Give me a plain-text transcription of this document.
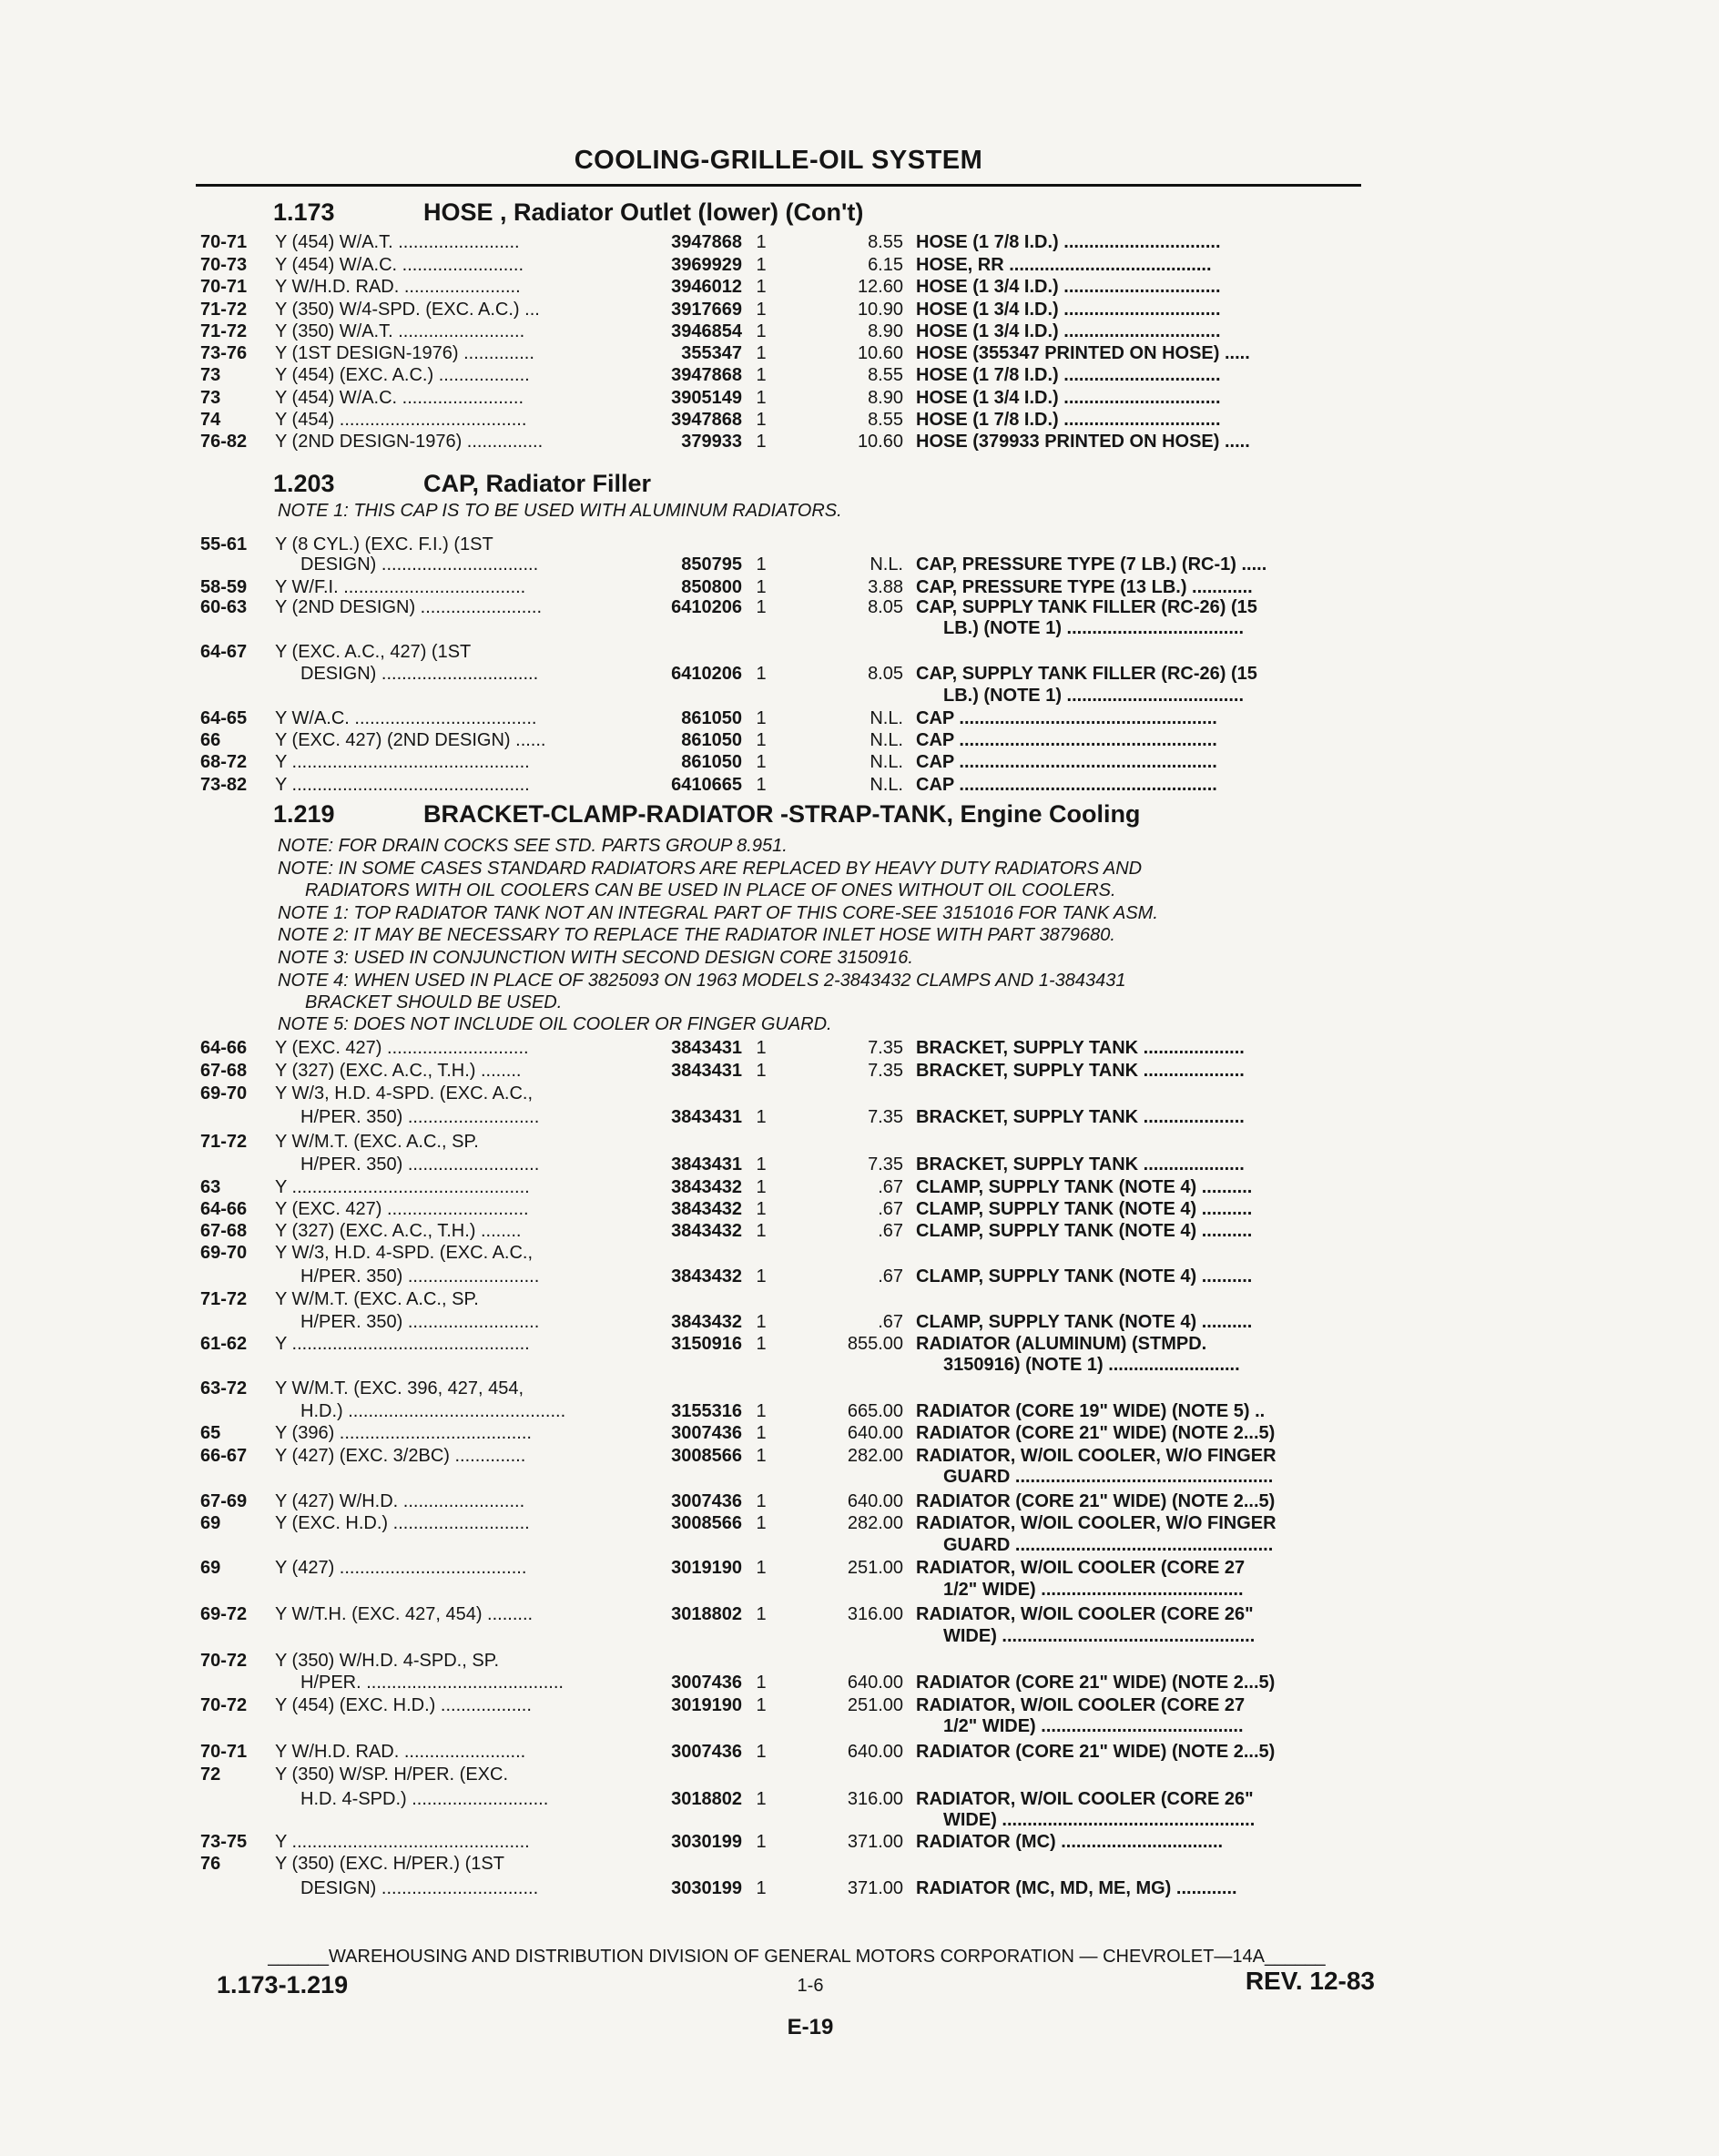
COOLING-GRILLE-OIL SYSTEM
1.173	HOSE , Radiator Outlet (lower) (Con't)
70-71	Y (454) W/A.T. ........................	3947868 1	8.55 HOSE (1 7/8 I.D.) ...............................
70-73	Y (454) W/A.C. ........................	3969929 1	6.15 HOSE, RR ........................................
70-71	Y W/H.D. RAD. .......................	3946012 1	12.60 HOSE (1 3/4 I.D.) ...............................
71-72	Y (350) W/4-SPD. (EXC. A.C.) ...	3917669 1	10.90 HOSE (1 3/4 I.D.) ...............................
71-72	Y (350) W/A.T. .........................	3946854 1	8.90 HOSE (1 3/4 I.D.) ...............................
73-76	Y (1ST DESIGN-1976) ..............	355347 1	10.60 HOSE (355347 PRINTED ON HOSE) .....
73	Y (454) (EXC. A.C.) ..................	3947868 1	8.55 HOSE (1 7/8 I.D.) ...............................
73	Y (454) W/A.C. ........................	3905149 1	8.90 HOSE (1 3/4 I.D.) ...............................
74	Y (454) .....................................	3947868 1	8.55 HOSE (1 7/8 I.D.) ...............................
76-82	Y (2ND DESIGN-1976) ...............	379933 1	10.60 HOSE (379933 PRINTED ON HOSE) .....
1.203	CAP, Radiator Filler
NOTE 1: THIS CAP IS TO BE USED WITH ALUMINUM RADIATORS.
55-61	Y (8 CYL.) (EXC. F.I.) (1ST
DESIGN) ...............................	850795 1	N.L. CAP, PRESSURE TYPE (7 LB.) (RC-1) .....
58-59	Y W/F.I. ....................................	850800 1	3.88 CAP, PRESSURE TYPE (13 LB.) ............
60-63	Y (2ND DESIGN) ........................	6410206 1	8.05 CAP, SUPPLY TANK FILLER (RC-26) (15
LB.) (NOTE 1) ...................................
64-67	Y (EXC. A.C., 427) (1ST
DESIGN) ...............................	6410206 1	8.05 CAP, SUPPLY TANK FILLER (RC-26) (15
LB.) (NOTE 1) ...................................
64-65	Y W/A.C. ....................................	861050 1	N.L. CAP ...................................................
66	Y (EXC. 427) (2ND DESIGN) ......	861050 1	N.L. CAP ...................................................
68-72	Y ...............................................	861050 1	N.L. CAP ...................................................
73-82	Y ...............................................	6410665 1	N.L. CAP ...................................................
1.219	BRACKET-CLAMP-RADIATOR -STRAP-TANK, Engine Cooling
NOTE: FOR DRAIN COCKS SEE STD. PARTS GROUP 8.951.
NOTE: IN SOME CASES STANDARD RADIATORS ARE REPLACED BY HEAVY DUTY RADIATORS AND
RADIATORS WITH OIL COOLERS CAN BE USED IN PLACE OF ONES WITHOUT OIL COOLERS.
NOTE 1: TOP RADIATOR TANK NOT AN INTEGRAL PART OF THIS CORE-SEE 3151016 FOR TANK ASM.
NOTE 2: IT MAY BE NECESSARY TO REPLACE THE RADIATOR INLET HOSE WITH PART 3879680.
NOTE 3: USED IN CONJUNCTION WITH SECOND DESIGN CORE 3150916.
NOTE 4: WHEN USED IN PLACE OF 3825093 ON 1963 MODELS 2-3843432 CLAMPS AND 1-3843431
BRACKET SHOULD BE USED.
NOTE 5: DOES NOT INCLUDE OIL COOLER OR FINGER GUARD.
64-66	Y (EXC. 427) ............................	3843431 1	7.35 BRACKET, SUPPLY TANK ....................
67-68	Y (327) (EXC. A.C., T.H.) ........	3843431 1	7.35 BRACKET, SUPPLY TANK ....................
69-70	Y W/3, H.D. 4-SPD. (EXC. A.C.,
H/PER. 350) ..........................	3843431 1	7.35 BRACKET, SUPPLY TANK ....................
71-72	Y W/M.T. (EXC. A.C., SP.
H/PER. 350) ..........................	3843431 1	7.35 BRACKET, SUPPLY TANK ....................
63	Y ...............................................	3843432 1	.67 CLAMP, SUPPLY TANK (NOTE 4) ..........
64-66	Y (EXC. 427) ............................	3843432 1	.67 CLAMP, SUPPLY TANK (NOTE 4) ..........
67-68	Y (327) (EXC. A.C., T.H.) ........	3843432 1	.67 CLAMP, SUPPLY TANK (NOTE 4) ..........
69-70	Y W/3, H.D. 4-SPD. (EXC. A.C.,
H/PER. 350) ..........................	3843432 1	.67 CLAMP, SUPPLY TANK (NOTE 4) ..........
71-72	Y W/M.T. (EXC. A.C., SP.
H/PER. 350) ..........................	3843432 1	.67 CLAMP, SUPPLY TANK (NOTE 4) ..........
61-62	Y ...............................................	3150916 1	855.00 RADIATOR (ALUMINUM) (STMPD.
3150916) (NOTE 1) ..........................
63-72	Y W/M.T. (EXC. 396, 427, 454,
H.D.) ...........................................	3155316 1	665.00 RADIATOR (CORE 19" WIDE) (NOTE 5) ..
65	Y (396) ......................................	3007436 1	640.00 RADIATOR (CORE 21" WIDE) (NOTE 2...5)
66-67	Y (427) (EXC. 3/2BC) ..............	3008566 1	282.00 RADIATOR, W/OIL COOLER, W/O FINGER
GUARD ...................................................
67-69	Y (427) W/H.D. ........................	3007436 1	640.00 RADIATOR (CORE 21" WIDE) (NOTE 2...5)
69	Y (EXC. H.D.) ...........................	3008566 1	282.00 RADIATOR, W/OIL COOLER, W/O FINGER
GUARD ...................................................
69	Y (427) .....................................	3019190 1	251.00 RADIATOR, W/OIL COOLER (CORE 27
1/2" WIDE) ........................................
69-72	Y W/T.H. (EXC. 427, 454) .........	3018802 1	316.00 RADIATOR, W/OIL COOLER (CORE 26"
WIDE) ..................................................
70-72	Y (350) W/H.D. 4-SPD., SP.
H/PER. .......................................	3007436 1	640.00 RADIATOR (CORE 21" WIDE) (NOTE 2...5)
70-72	Y (454) (EXC. H.D.) ..................	3019190 1	251.00 RADIATOR, W/OIL COOLER (CORE 27
1/2" WIDE) ........................................
70-71	Y W/H.D. RAD. ........................	3007436 1	640.00 RADIATOR (CORE 21" WIDE) (NOTE 2...5)
72	Y (350) W/SP. H/PER. (EXC.
H.D. 4-SPD.) ...........................	3018802 1	316.00 RADIATOR, W/OIL COOLER (CORE 26"
WIDE) ..................................................
73-75	Y ...............................................	3030199 1	371.00 RADIATOR (MC) ................................
76	Y (350) (EXC. H/PER.) (1ST
DESIGN) ...............................	3030199 1	371.00 RADIATOR (MC, MD, ME, MG) ............
______WAREHOUSING AND DISTRIBUTION DIVISION OF GENERAL MOTORS CORPORATION — CHEVROLET—14A______
1.173-1.219	1-6	REV. 12-83
E-19
